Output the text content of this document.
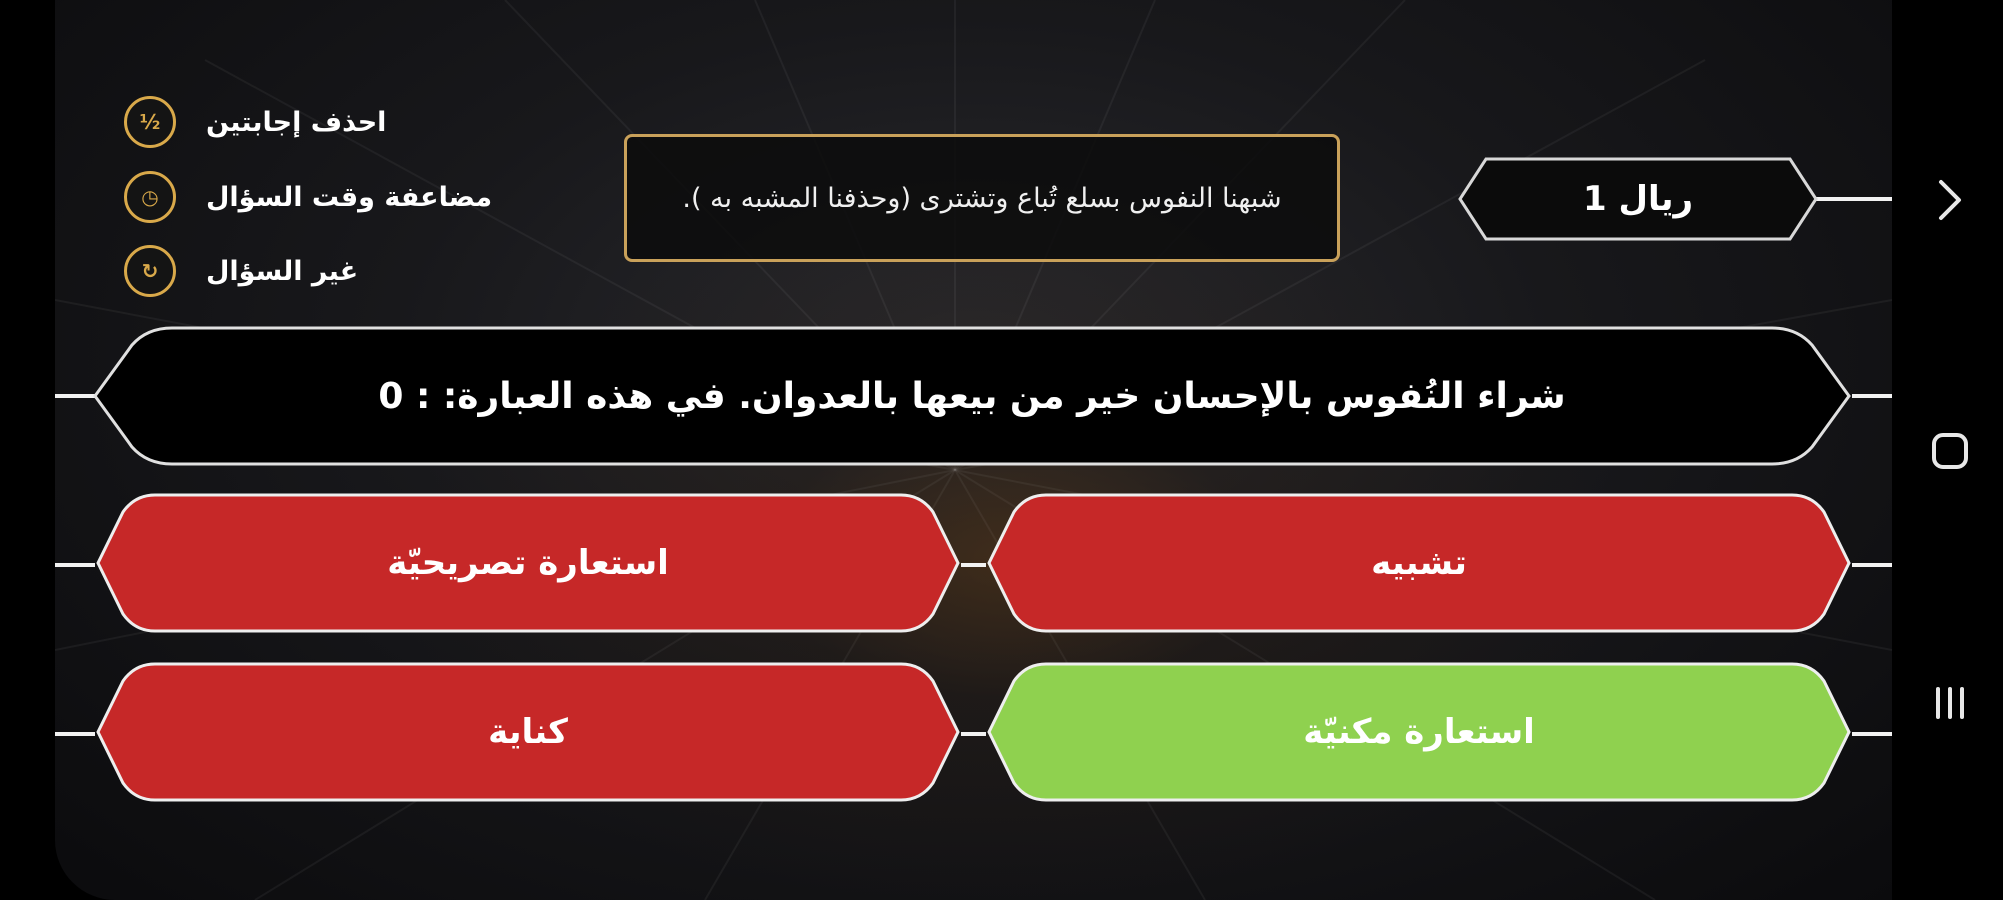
½	احذف إجابتين
◷	مضاعفة وقت السؤال
↻	غير السؤال
شبهنا النفوس بسلع تُباع وتشترى (وحذفنا المشبه به ).	ريال 1
شراء النُفوس بالإحسان خير من بيعها بالعدوان. في هذه العبارة: : 0
تشبيه
استعارة تصريحيّة
استعارة مكنيّة
كناية
